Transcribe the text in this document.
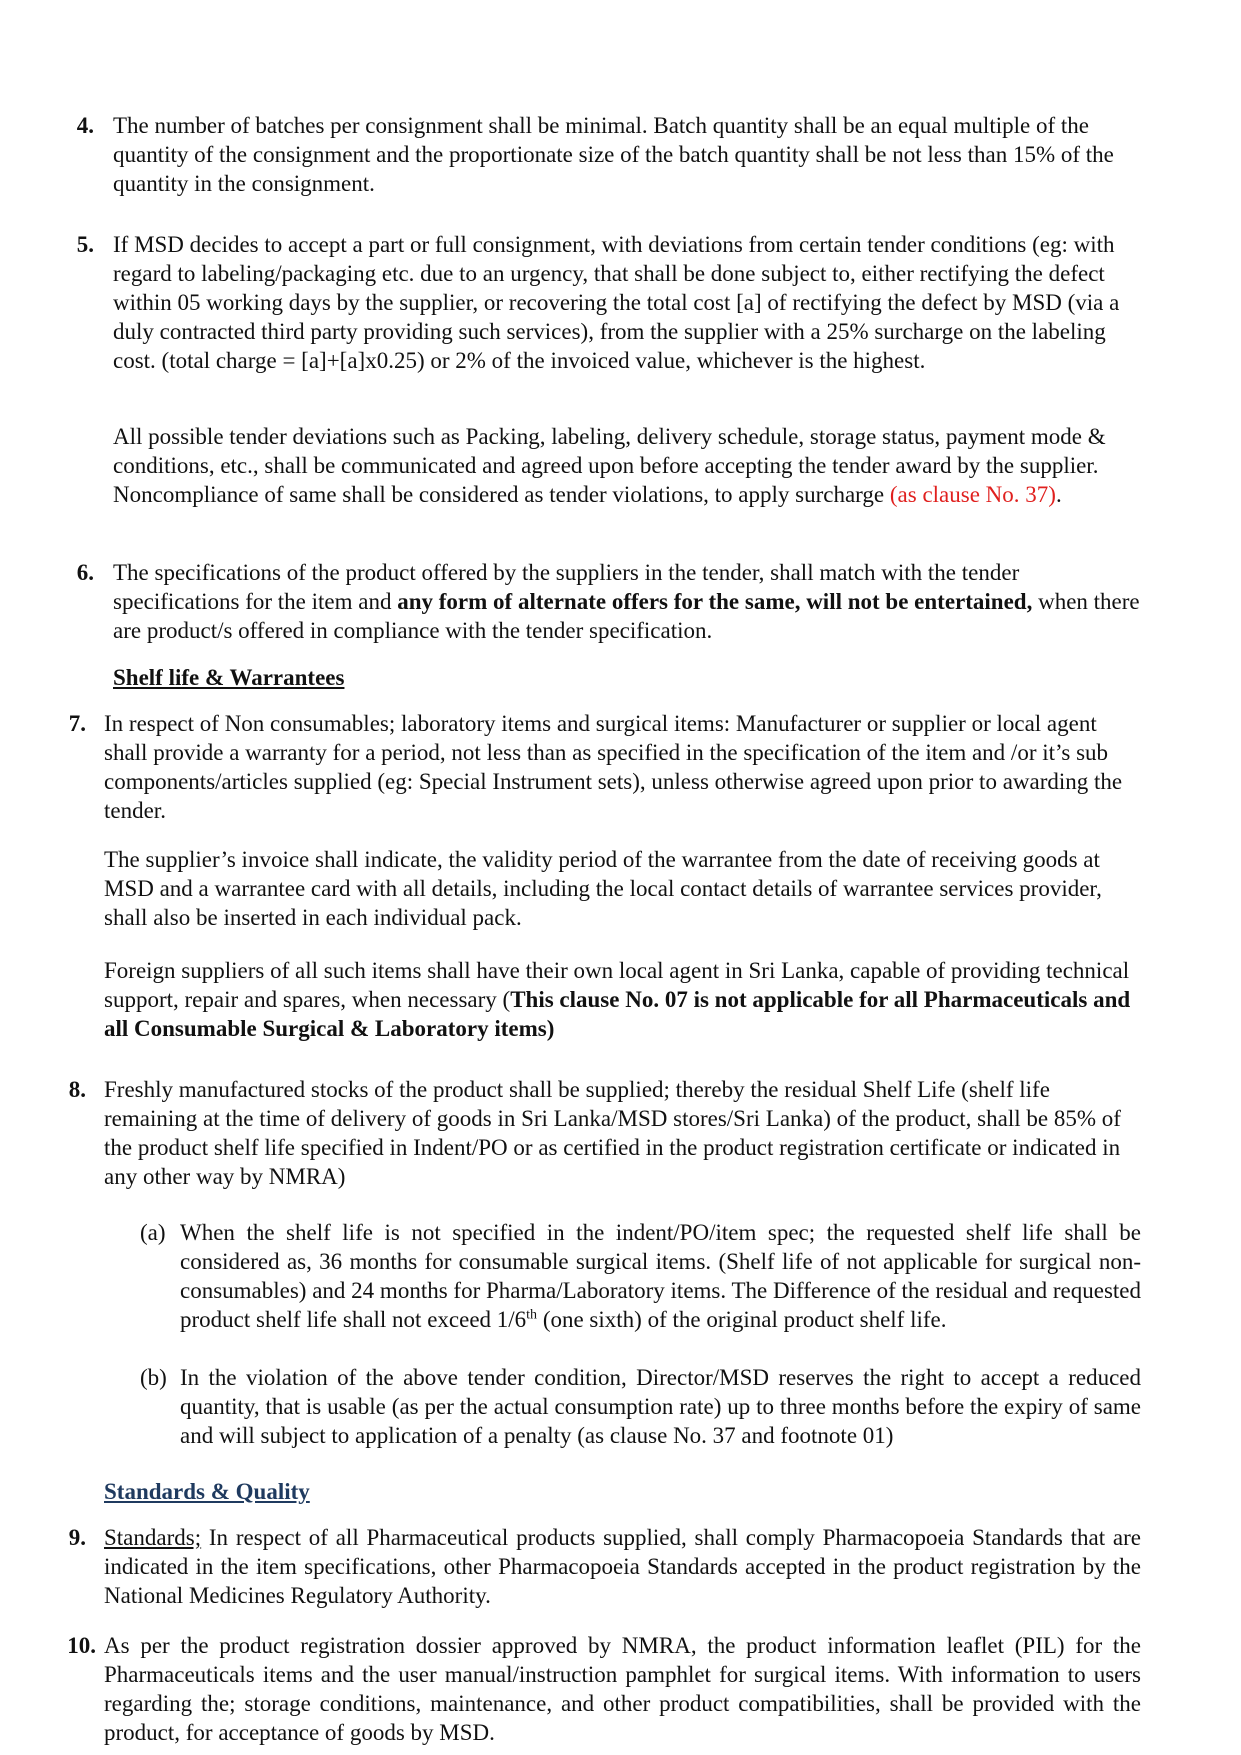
4. The number of batches per consignment shall be minimal. Batch quantity shall be an equal multiple of the quantity of the consignment and the proportionate size of the batch quantity shall be not less than 15% of the quantity in the consignment.

5. If MSD decides to accept a part or full consignment, with deviations from certain tender conditions (eg: with regard to labeling/packaging etc. due to an urgency, that shall be done subject to, either rectifying the defect within 05 working days by the supplier, or recovering the total cost [a] of rectifying the defect by MSD (via a duly contracted third party providing such services), from the supplier with a 25% surcharge on the labeling cost. (total charge = [a]+[a]x0.25) or 2% of the invoiced value, whichever is the highest.

All possible tender deviations such as Packing, labeling, delivery schedule, storage status, payment mode & conditions, etc., shall be communicated and agreed upon before accepting the tender award by the supplier. Noncompliance of same shall be considered as tender violations, to apply surcharge (as clause No. 37).

6. The specifications of the product offered by the suppliers in the tender, shall match with the tender specifications for the item and any form of alternate offers for the same, will not be entertained, when there are product/s offered in compliance with the tender specification.

Shelf life & Warrantees
7. In respect of Non consumables; laboratory items and surgical items: Manufacturer or supplier or local agent shall provide a warranty for a period, not less than as specified in the specification of the item and /or it’s sub components/articles supplied (eg: Special Instrument sets), unless otherwise agreed upon prior to awarding the tender.

The supplier’s invoice shall indicate, the validity period of the warrantee from the date of receiving goods at MSD and a warrantee card with all details, including the local contact details of warrantee services provider, shall also be inserted in each individual pack.

Foreign suppliers of all such items shall have their own local agent in Sri Lanka, capable of providing technical support, repair and spares, when necessary (This clause No. 07 is not applicable for all Pharmaceuticals and all Consumable Surgical & Laboratory items)

8. Freshly manufactured stocks of the product shall be supplied; thereby the residual Shelf Life (shelf life remaining at the time of delivery of goods in Sri Lanka/MSD stores/Sri Lanka) of the product, shall be 85% of the product shelf life specified in Indent/PO or as certified in the product registration certificate or indicated in any other way by NMRA)

(a) When the shelf life is not specified in the indent/PO/item spec; the requested shelf life shall be considered as, 36 months for consumable surgical items. (Shelf life of not applicable for surgical non-consumables) and 24 months for Pharma/Laboratory items. The Difference of the residual and requested product shelf life shall not exceed 1/6th (one sixth) of the original product shelf life.

(b) In the violation of the above tender condition, Director/MSD reserves the right to accept a reduced quantity, that is usable (as per the actual consumption rate) up to three months before the expiry of same and will subject to application of a penalty (as clause No. 37 and footnote 01)

Standards & Quality
9. Standards; In respect of all Pharmaceutical products supplied, shall comply Pharmacopoeia Standards that are indicated in the item specifications, other Pharmacopoeia Standards accepted in the product registration by the National Medicines Regulatory Authority.

10. As per the product registration dossier approved by NMRA, the product information leaflet (PIL) for the Pharmaceuticals items and the user manual/instruction pamphlet for surgical items. With information to users regarding the; storage conditions, maintenance, and other product compatibilities, shall be provided with the product, for acceptance of goods by MSD.
